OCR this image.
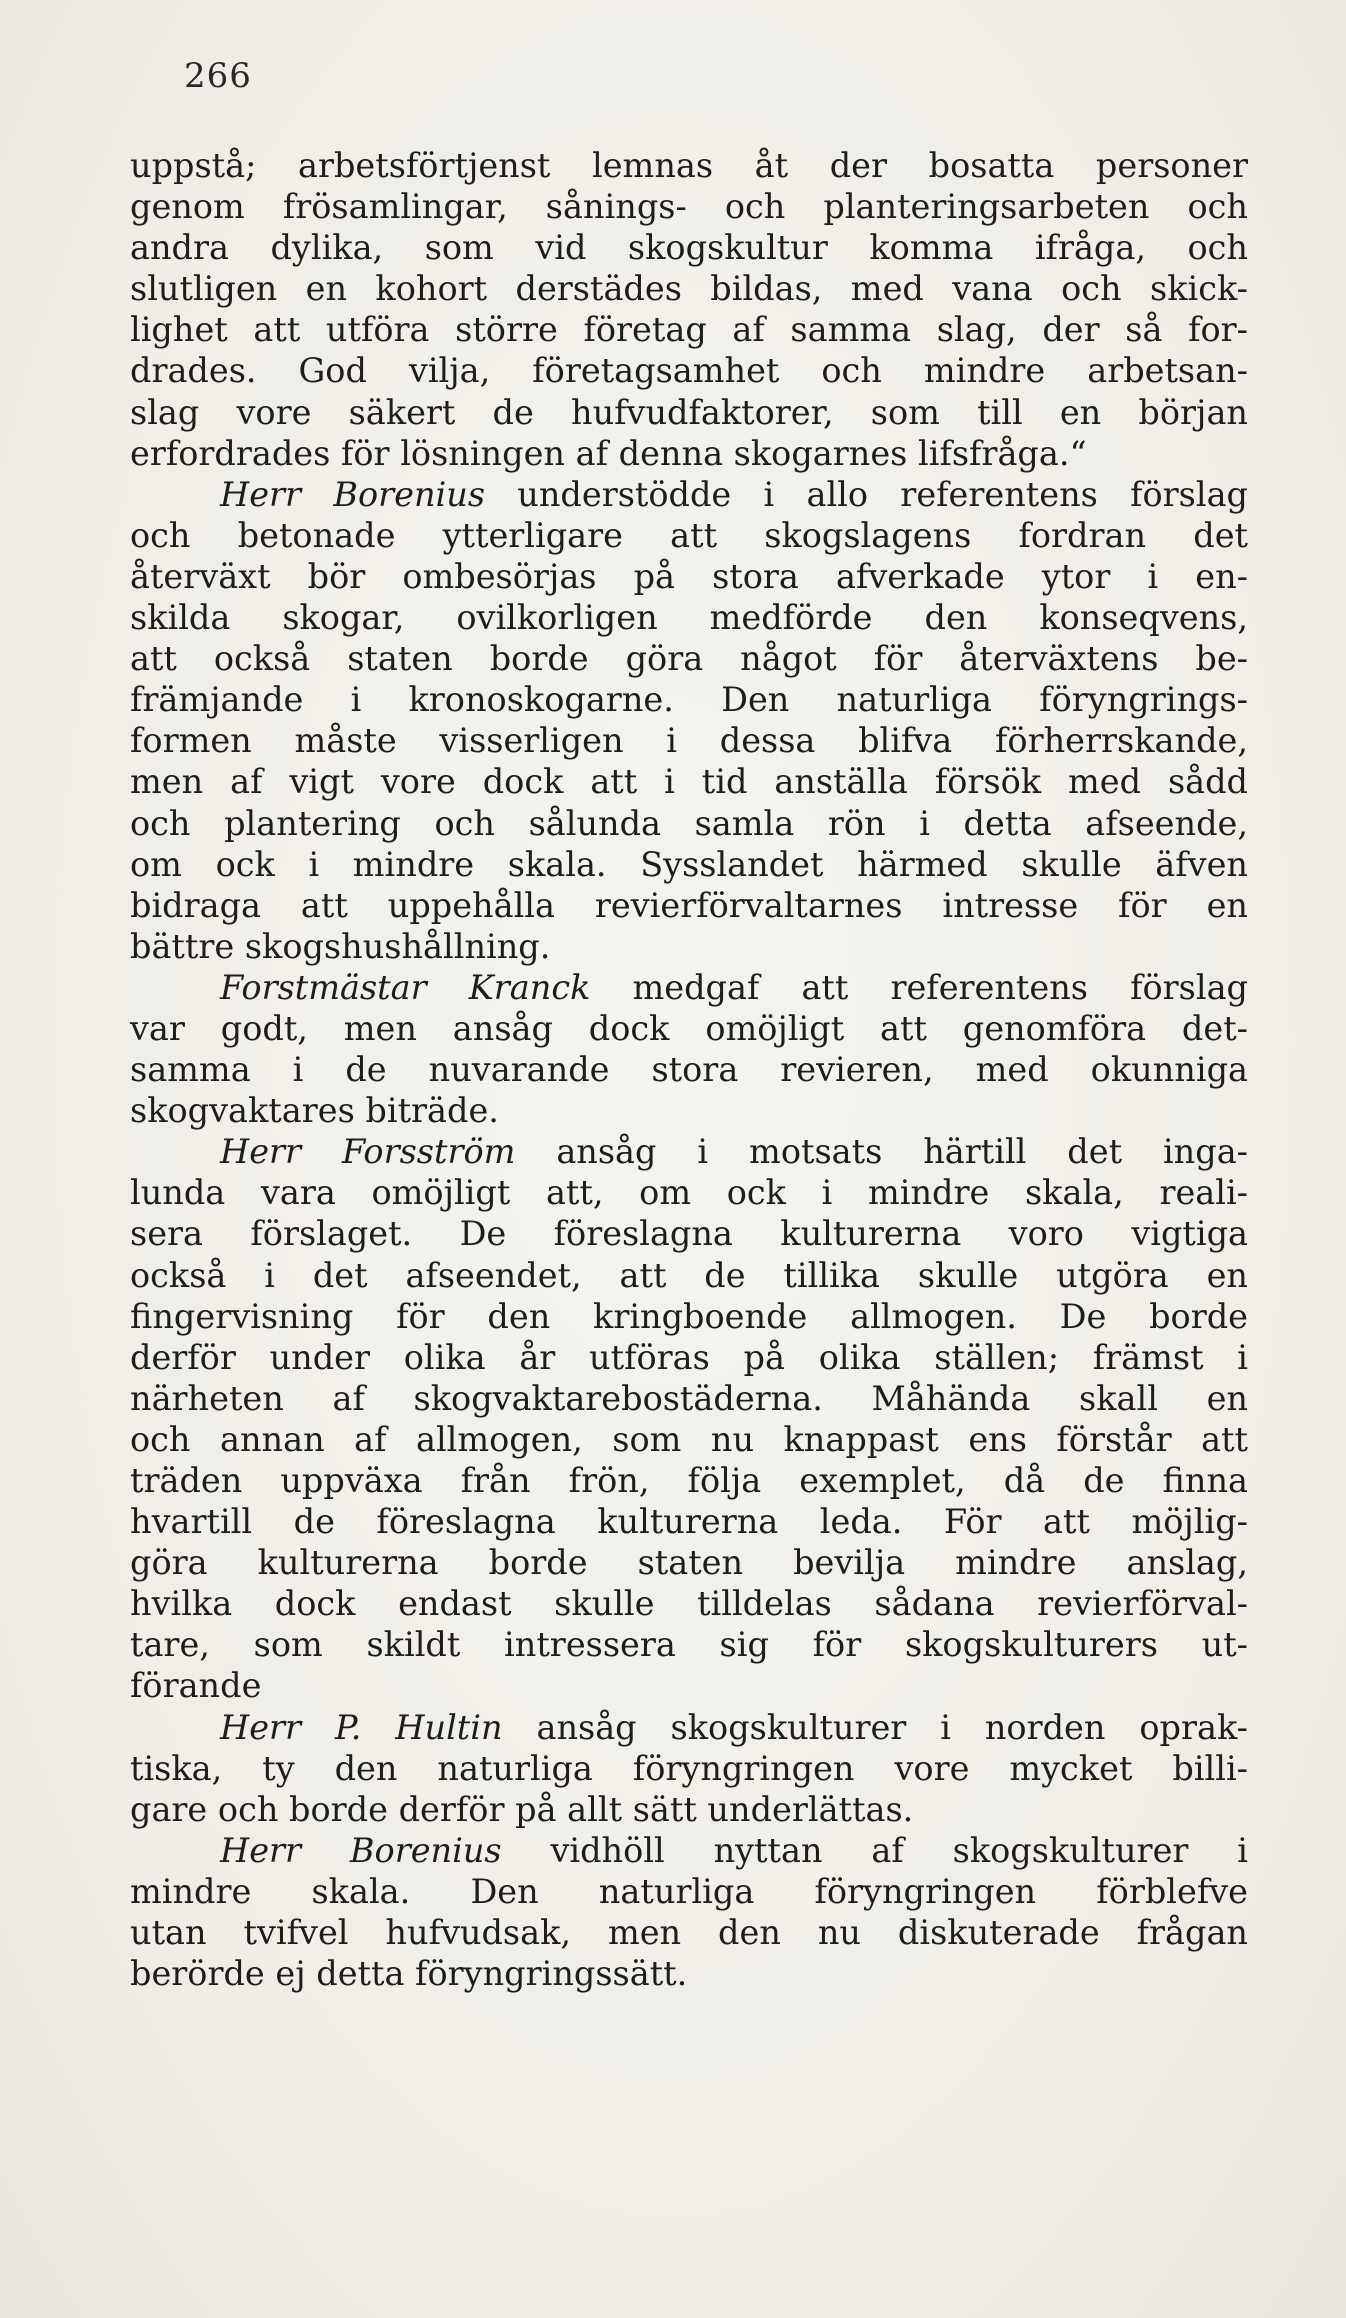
266
uppstå; arbetsförtjenst lemnas åt der bosatta personer
genom frösamlingar, sånings- och planteringsarbeten och
andra dylika, som vid skogskultur komma ifråga, och
slutligen en kohort derstädes bildas, med vana och skick-
lighet att utföra större företag af samma slag, der så for-
drades. God vilja, företagsamhet och mindre arbetsan-
slag vore säkert de hufvudfaktorer, som till en början
erfordrades för lösningen af denna skogarnes lifsfråga.“
Herr Borenius understödde i allo referentens förslag
och betonade ytterligare att skogslagens fordran det
återväxt bör ombesörjas på stora afverkade ytor i en-
skilda skogar, ovilkorligen medförde den konseqvens,
att också staten borde göra något för återväxtens be-
främjande i kronoskogarne. Den naturliga föryngrings-
formen måste visserligen i dessa blifva förherrskande,
men af vigt vore dock att i tid anställa försök med sådd
och plantering och sålunda samla rön i detta afseende,
om ock i mindre skala. Sysslandet härmed skulle äfven
bidraga att uppehålla revierförvaltarnes intresse för en
bättre skogshushållning.
Forstmästar Kranck medgaf att referentens förslag
var godt, men ansåg dock omöjligt att genomföra det-
samma i de nuvarande stora revieren, med okunniga
skogvaktares biträde.
Herr Forsström ansåg i motsats härtill det inga-
lunda vara omöjligt att, om ock i mindre skala, reali-
sera förslaget. De föreslagna kulturerna voro vigtiga
också i det afseendet, att de tillika skulle utgöra en
fingervisning för den kringboende allmogen. De borde
derför under olika år utföras på olika ställen; främst i
närheten af skogvaktarebostäderna. Måhända skall en
och annan af allmogen, som nu knappast ens förstår att
träden uppväxa från frön, följa exemplet, då de finna
hvartill de föreslagna kulturerna leda. För att möjlig-
göra kulturerna borde staten bevilja mindre anslag,
hvilka dock endast skulle tilldelas sådana revierförval-
tare, som skildt intressera sig för skogskulturers ut-
förande
Herr P. Hultin ansåg skogskulturer i norden oprak-
tiska, ty den naturliga föryngringen vore mycket billi-
gare och borde derför på allt sätt underlättas.
Herr Borenius vidhöll nyttan af skogskulturer i
mindre skala. Den naturliga föryngringen förblefve
utan tvifvel hufvudsak, men den nu diskuterade frågan
berörde ej detta föryngringssätt.
